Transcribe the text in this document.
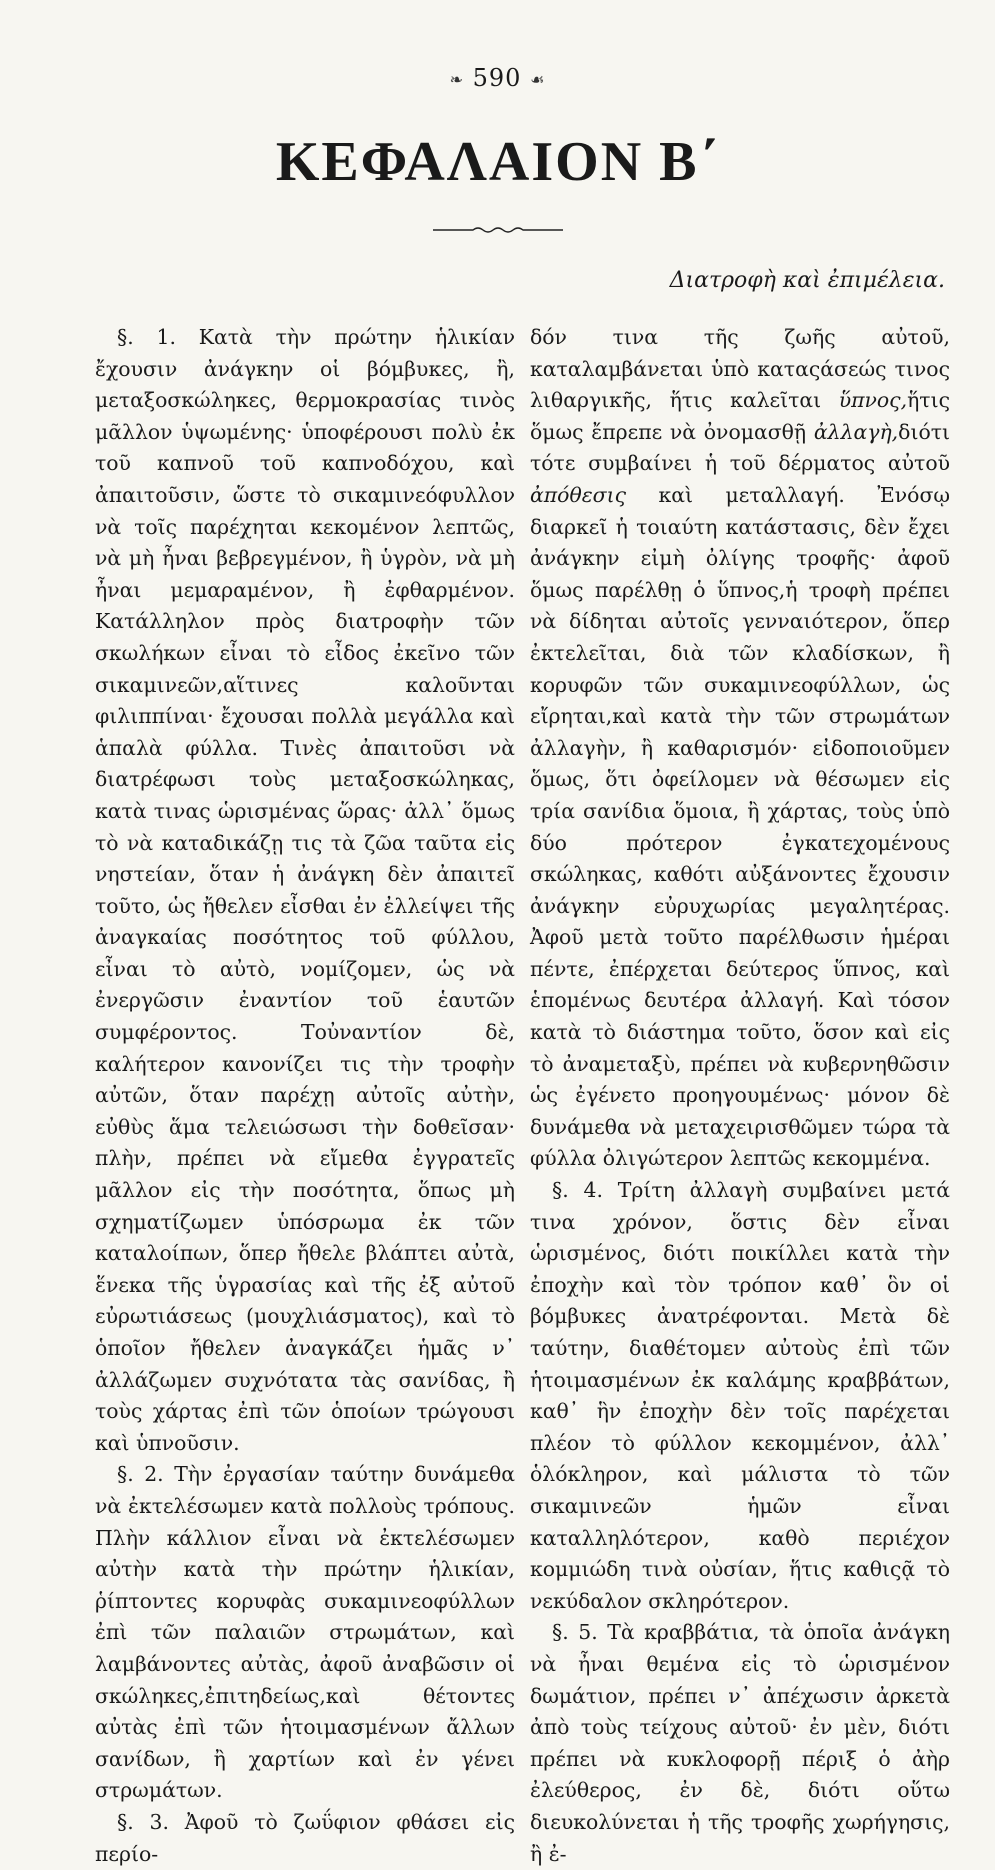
❧ 590 ☙
ΚΕΦΑΛΑΙΟΝ Β΄
Διατροφὴ καὶ ἐπιμέλεια.

§. 1. Κατὰ τὴν πρώτην ἡλικίαν ἔχουσιν ἀνάγκην οἱ βόμβυκες, ἢ, μεταξοσκώληκες, θερμοκρασίας τινὸς μᾶλλον ὑψωμένης· ὑποφέρουσι πολὺ ἐκ τοῦ καπνοῦ τοῦ καπνοδόχου, καὶ ἀπαιτοῦσιν, ὥστε τὸ σικαμινεόφυλλον νὰ τοῖς παρέχηται κεκομένον λεπτῶς, νὰ μὴ ἦναι βεβρεγμένον, ἢ ὑγρὸν, νὰ μὴ ἦναι μεμαραμένον, ἢ ἐφθαρμένον. Κατάλληλον πρὸς διατροφὴν τῶν σκωλήκων εἶναι τὸ εἶδος ἐκεῖνο τῶν σικαμινεῶν,αἵτινες καλοῦνται φιλιππίναι· ἔχουσαι πολλὰ μεγάλλα καὶ ἁπαλὰ φύλλα. Τινὲς ἀπαιτοῦσι νὰ διατρέφωσι τοὺς μεταξοσκώληκας, κατὰ τινας ὡρισμένας ὥρας· ἀλλ᾽ ὅμως τὸ νὰ καταδικάζῃ τις τὰ ζῶα ταῦτα εἰς νηστείαν, ὅταν ἡ ἀνάγκη δὲν ἀπαιτεῖ τοῦτο, ὡς ἤθελεν εἶσθαι ἐν ἐλλείψει τῆς ἀναγκαίας ποσότητος τοῦ φύλλου, εἶναι τὸ αὐτὸ, νομίζομεν, ὡς νὰ ἐνεργῶσιν ἐναντίον τοῦ ἑαυτῶν συμφέροντος. Τοὐναντίον δὲ, καλήτερον κανονίζει τις τὴν τροφὴν αὐτῶν, ὅταν παρέχῃ αὐτοῖς αὐτὴν, εὐθὺς ἅμα τελειώσωσι τὴν δοθεῖσαν· πλὴν, πρέπει νὰ εἴμεθα ἐγγρατεῖς μᾶλλον εἰς τὴν ποσότητα, ὅπως μὴ σχηματίζωμεν ὑπόσρωμα ἐκ τῶν καταλοίπων, ὅπερ ἤθελε βλάπτει αὐτὰ, ἕνεκα τῆς ὑγρασίας καὶ τῆς ἐξ αὐτοῦ εὐρωτιάσεως (μουχλιάσματος), καὶ τὸ ὁποῖον ἤθελεν ἀναγκάζει ἡμᾶς ν᾽ ἀλλάζωμεν συχνότατα τὰς σανίδας, ἢ τοὺς χάρτας ἐπὶ τῶν ὁποίων τρώγουσι καὶ ὑπνοῦσιν.

§. 2. Τὴν ἐργασίαν ταύτην δυνάμεθα νὰ ἐκτελέσωμεν κατὰ πολλοὺς τρόπους. Πλὴν κάλλιον εἶναι νὰ ἐκτελέσωμεν αὐτὴν κατὰ τὴν πρώτην ἡλικίαν, ῥίπτοντες κορυφὰς συκαμινεοφύλλων ἐπὶ τῶν παλαιῶν στρωμάτων, καὶ λαμβάνοντες αὐτὰς, ἀφοῦ ἀναβῶσιν οἱ σκώληκες,ἐπιτηδείως,καὶ θέτοντες αὐτὰς ἐπὶ τῶν ἡτοιμασμένων ἄλλων σανίδων, ἢ χαρτίων καὶ ἐν γένει στρωμάτων.

§. 3. Ἀφοῦ τὸ ζωΰφιον φθάσει εἰς περίο-

δόν τινα τῆς ζωῆς αὐτοῦ, καταλαμβάνεται ὑπὸ καταςάσεώς τινος λιθαργικῆς, ἥτις καλεῖται ὕπνος,ἥτις ὅμως ἔπρεπε νὰ ὀνομασθῇ ἀλλαγὴ,διότι τότε συμβαίνει ἡ τοῦ δέρματος αὐτοῦ ἀπόθεσις καὶ μεταλλαγή. Ἐνόσῳ διαρκεῖ ἡ τοιαύτη κατάστασις, δὲν ἔχει ἀνάγκην εἰμὴ ὀλίγης τροφῆς· ἀφοῦ ὅμως παρέλθῃ ὁ ὕπνος,ἡ τροφὴ πρέπει νὰ δίδηται αὐτοῖς γενναιότερον, ὅπερ ἐκτελεῖται, διὰ τῶν κλαδίσκων, ἢ κορυφῶν τῶν συκαμινεοφύλλων, ὡς εἴρηται,καὶ κατὰ τὴν τῶν στρωμάτων ἀλλαγὴν, ἢ καθαρισμόν· εἰδοποιοῦμεν ὅμως, ὅτι ὀφείλομεν νὰ θέσωμεν εἰς τρία σανίδια ὅμοια, ἢ χάρτας, τοὺς ὑπὸ δύο πρότερον ἐγκατεχομένους σκώληκας, καθότι αὐξάνοντες ἔχουσιν ἀνάγκην εὐρυχωρίας μεγαλητέρας. Ἀφοῦ μετὰ τοῦτο παρέλθωσιν ἡμέραι πέντε, ἐπέρχεται δεύτερος ὕπνος, καὶ ἑπομένως δευτέρα ἀλλαγή. Καὶ τόσον κατὰ τὸ διάστημα τοῦτο, ὅσον καὶ εἰς τὸ ἀναμεταξὺ, πρέπει νὰ κυβερνηθῶσιν ὡς ἐγένετο προηγουμένως· μόνον δὲ δυνάμεθα νὰ μεταχειρισθῶμεν τώρα τὰ φύλλα ὀλιγώτερον λεπτῶς κεκομμένα.

§. 4. Τρίτη ἀλλαγὴ συμβαίνει μετά τινα χρόνον, ὅστις δὲν εἶναι ὡρισμένος, διότι ποικίλλει κατὰ τὴν ἐποχὴν καὶ τὸν τρόπον καθ᾽ ὃν οἱ βόμβυκες ἀνατρέφονται. Μετὰ δὲ ταύτην, διαθέτομεν αὐτοὺς ἐπὶ τῶν ἡτοιμασμένων ἐκ καλάμης κραββάτων, καθ᾽ ἣν ἐποχὴν δὲν τοῖς παρέχεται πλέον τὸ φύλλον κεκομμένον, ἀλλ᾽ ὁλόκληρον, καὶ μάλιστα τὸ τῶν σικαμινεῶν ἡμῶν εἶναι καταλληλότερον, καθὸ περιέχον κομμιώδη τινὰ οὐσίαν, ἥτις καθιςᾷ τὸ νεκύδαλον σκληρότερον.

§. 5. Τὰ κραββάτια, τὰ ὁποῖα ἀνάγκη νὰ ἦναι θεμένα εἰς τὸ ὡρισμένον δωμάτιον, πρέπει ν᾽ ἀπέχωσιν ἀρκετὰ ἀπὸ τοὺς τείχους αὐτοῦ· ἐν μὲν, διότι πρέπει νὰ κυκλοφορῇ πέριξ ὁ ἀὴρ ἐλεύθερος, ἐν δὲ, διότι οὕτω διευκολύνεται ἡ τῆς τροφῆς χωρήγησις, ἢ ἐ-
